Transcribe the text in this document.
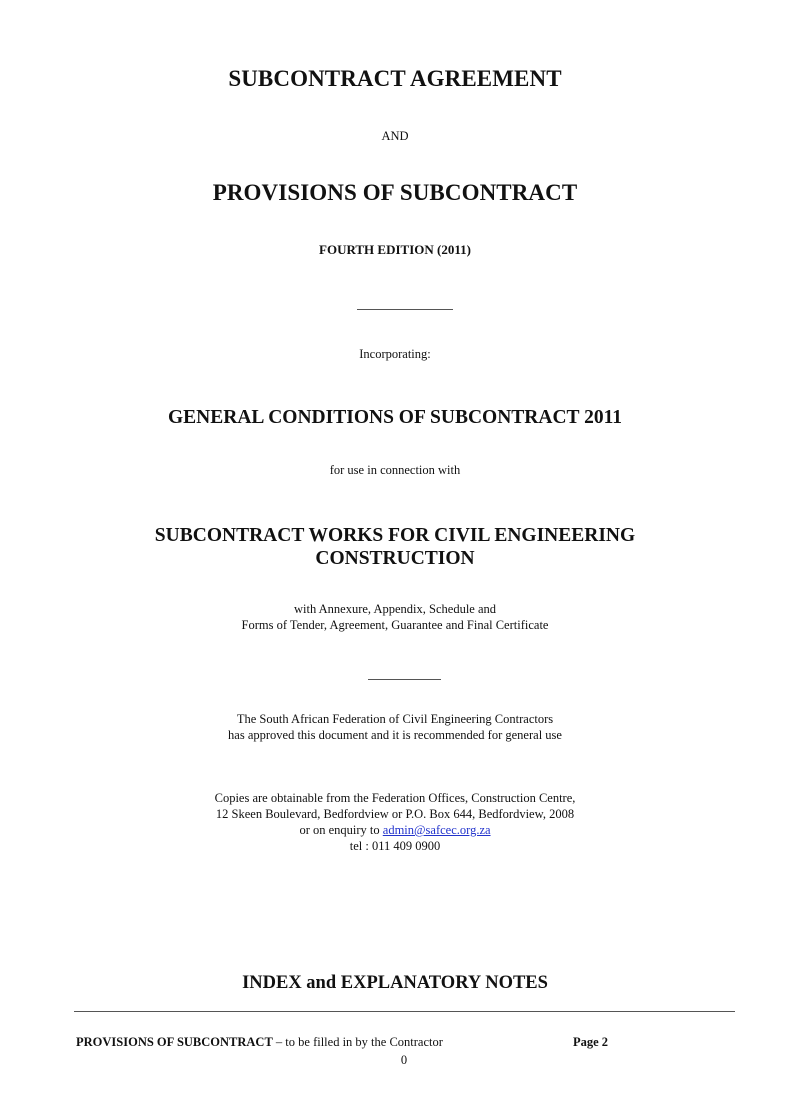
SUBCONTRACT AGREEMENT
AND
PROVISIONS OF SUBCONTRACT
FOURTH EDITION (2011)
Incorporating:
GENERAL CONDITIONS OF SUBCONTRACT 2011
for use in connection with
SUBCONTRACT WORKS FOR CIVIL ENGINEERING
CONSTRUCTION
with Annexure, Appendix, Schedule and
Forms of Tender, Agreement, Guarantee and Final Certificate
The South African Federation of Civil Engineering Contractors
has approved this document and it is recommended for general use
Copies are obtainable from the Federation Offices, Construction Centre,
12 Skeen Boulevard, Bedfordview or P.O. Box 644, Bedfordview, 2008
or on enquiry to admin@safcec.org.za
tel : 011 409 0900
INDEX and EXPLANATORY NOTES
PROVISIONS OF SUBCONTRACT – to be filled in by the Contractor	Page 2
0
